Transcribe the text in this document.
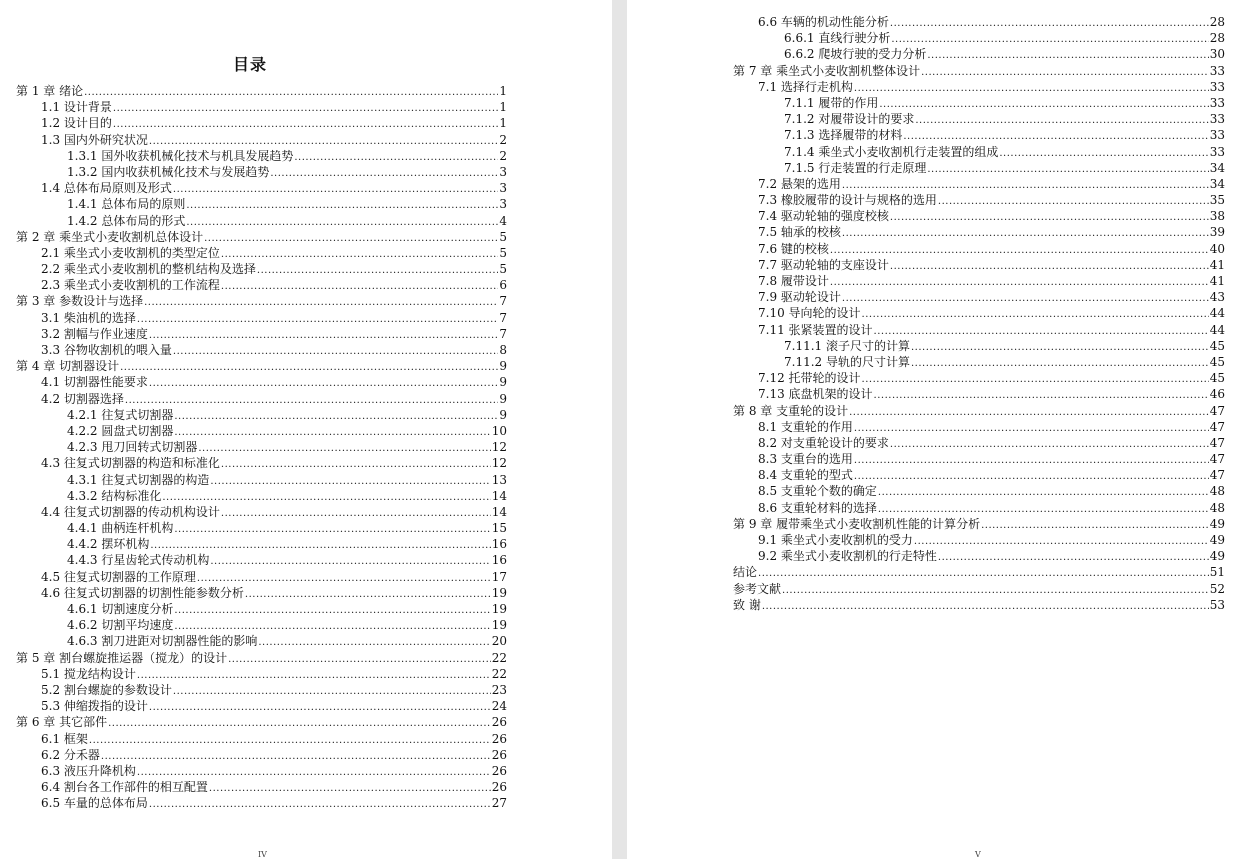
目录
第 1 章 绪论 .....	1
1.1 设计背景 .....	1
1.2 设计目的 .....	1
1.3 国内外研究状况 .....	2
1.3.1 国外收获机械化技术与机具发展趋势 .....	2
1.3.2 国内收获机械化技术与发展趋势 .....	3
1.4 总体布局原则及形式 .....	3
1.4.1 总体布局的原则 .....	3
1.4.2 总体布局的形式 .....	4
第 2 章 乘坐式小麦收割机总体设计 .....	5
2.1 乘坐式小麦收割机的类型定位 .....	5
2.2 乘坐式小麦收割机的整机结构及选择 .....	5
2.3 乘坐式小麦收割机的工作流程 .....	6
第 3 章 参数设计与选择 .....	7
3.1 柴油机的选择 .....	7
3.2 割幅与作业速度 .....	7
3.3 谷物收割机的喂入量 .....	8
第 4 章 切割器设计 .....	9
4.1 切割器性能要求 .....	9
4.2 切割器选择 .....	9
4.2.1 往复式切割器 .....	9
4.2.2 圆盘式切割器 .....	10
4.2.3 甩刀回转式切割器 .....	12
4.3 往复式切割器的构造和标准化 .....	12
4.3.1 往复式切割器的构造 .....	13
4.3.2 结构标准化 .....	14
4.4 往复式切割器的传动机构设计 .....	14
4.4.1 曲柄连杆机构 .....	15
4.4.2 摆环机构 .....	16
4.4.3 行星齿轮式传动机构 .....	16
4.5 往复式切割器的工作原理 .....	17
4.6 往复式切割器的切割性能参数分析 .....	19
4.6.1 切割速度分析 .....	19
4.6.2 切割平均速度 .....	19
4.6.3 割刀进距对切割器性能的影响 .....	20
第 5 章 割台螺旋推运器（搅龙）的设计 .....	22
5.1 搅龙结构设计 .....	22
5.2 割台螺旋的参数设计 .....	23
5.3 伸缩拨指的设计 .....	24
第 6 章 其它部件 .....	26
6.1 框架 .....	26
6.2 分禾器 .....	26
6.3 液压升降机构 .....	26
6.4 割台各工作部件的相互配置 .....	26
6.5 车量的总体布局 .....	27
IV	V
6.6 车辆的机动性能分析 .....	28
6.6.1 直线行驶分析 .....	28
6.6.2 爬坡行驶的受力分析 .....	30
第 7 章 乘坐式小麦收割机整体设计 .....	33
7.1 选择行走机构 .....	33
7.1.1 履带的作用 .....	33
7.1.2 对履带设计的要求 .....	33
7.1.3 选择履带的材料 .....	33
7.1.4 乘坐式小麦收割机行走装置的组成 .....	33
7.1.5 行走装置的行走原理 .....	34
7.2 悬架的选用 .....	34
7.3 橡胶履带的设计与规格的选用 .....	35
7.4 驱动轮轴的强度校核 .....	38
7.5 轴承的校核 .....	39
7.6 键的校核 .....	40
7.7 驱动轮轴的支座设计 .....	41
7.8 履带设计 .....	41
7.9 驱动轮设计 .....	43
7.10 导向轮的设计 .....	44
7.11 张紧装置的设计 .....	44
7.11.1 滚子尺寸的计算 .....	45
7.11.2 导轨的尺寸计算 .....	45
7.12 托带轮的设计 .....	45
7.13 底盘机架的设计 .....	46
第 8 章 支重轮的设计 .....	47
8.1 支重轮的作用 .....	47
8.2 对支重轮设计的要求 .....	47
8.3 支重台的选用 .....	47
8.4 支重轮的型式 .....	47
8.5 支重轮个数的确定 .....	48
8.6 支重轮材料的选择 .....	48
第 9 章 履带乘坐式小麦收割机性能的计算分析 .....	49
9.1 乘坐式小麦收割机的受力 .....	49
9.2 乘坐式小麦收割机的行走特性 .....	49
结论 .....	51
参考文献 .....	52
致 谢 .....	53
